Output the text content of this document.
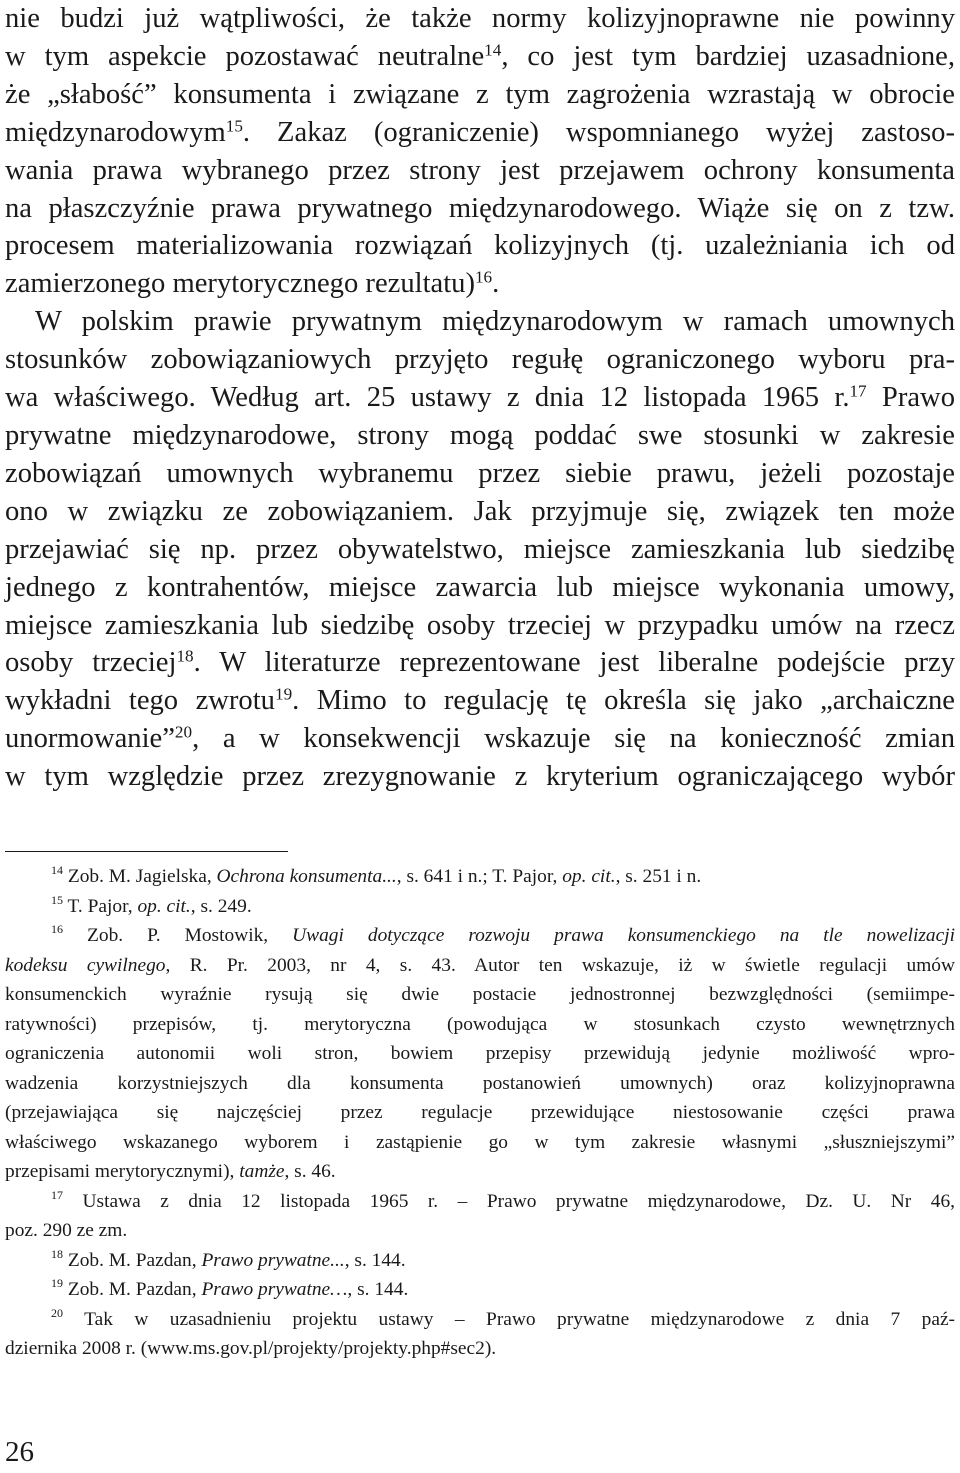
nie budzi już wątpliwości, że także normy kolizyjnoprawne nie powinny
w tym aspekcie pozostawać neutralne$^{14}$, co jest tym bardziej uzasadnione,
że „słabość” konsumenta i związane z tym zagrożenia wzrastają w obrocie
międzynarodowym$^{15}$. Zakaz (ograniczenie) wspomnianego wyżej zastoso-
wania prawa wybranego przez strony jest przejawem ochrony konsumenta
na płaszczyźnie prawa prywatnego międzynarodowego. Wiąże się on z tzw.
procesem materializowania rozwiązań kolizyjnych (tj. uzależniania ich od
zamierzonego merytorycznego rezultatu)$^{16}$.
W polskim prawie prywatnym międzynarodowym w ramach umownych
stosunków zobowiązaniowych przyjęto regułę ograniczonego wyboru pra-
wa właściwego. Według art. 25 ustawy z dnia 12 listopada 1965 r.$^{17}$ Prawo
prywatne międzynarodowe, strony mogą poddać swe stosunki w zakresie
zobowiązań umownych wybranemu przez siebie prawu, jeżeli pozostaje
ono w związku ze zobowiązaniem. Jak przyjmuje się, związek ten może
przejawiać się np. przez obywatelstwo, miejsce zamieszkania lub siedzibę
jednego z kontrahentów, miejsce zawarcia lub miejsce wykonania umowy,
miejsce zamieszkania lub siedzibę osoby trzeciej w przypadku umów na rzecz
osoby trzeciej$^{18}$. W literaturze reprezentowane jest liberalne podejście przy
wykładni tego zwrotu$^{19}$. Mimo to regulację tę określa się jako „archaiczne
unormowanie”$^{20}$, a w konsekwencji wskazuje się na konieczność zmian
w tym względzie przez zrezygnowanie z kryterium ograniczającego wybór
$^{14}$ Zob. M. Jagielska, Ochrona konsumenta..., s. 641 i n.; T. Pajor, op. cit., s. 251 i n.
$^{15}$ T. Pajor, op. cit., s. 249.
$^{16}$ Zob. P. Mostowik, Uwagi dotyczące rozwoju prawa konsumenckiego na tle nowelizacji
kodeksu cywilnego, R. Pr. 2003, nr 4, s. 43. Autor ten wskazuje, iż w świetle regulacji umów
konsumenckich wyraźnie rysują się dwie postacie jednostronnej bezwzględności (semiimpe-
ratywności) przepisów, tj. merytoryczna (powodująca w stosunkach czysto wewnętrznych
ograniczenia autonomii woli stron, bowiem przepisy przewidują jedynie możliwość wpro-
wadzenia korzystniejszych dla konsumenta postanowień umownych) oraz kolizyjnoprawna
(przejawiająca się najczęściej przez regulacje przewidujące niestosowanie części prawa
właściwego wskazanego wyborem i zastąpienie go w tym zakresie własnymi „słuszniejszymi”
przepisami merytorycznymi), tamże, s. 46.
$^{17}$ Ustawa z dnia 12 listopada 1965 r. – Prawo prywatne międzynarodowe, Dz. U. Nr 46,
poz. 290 ze zm.
$^{18}$ Zob. M. Pazdan, Prawo prywatne..., s. 144.
$^{19}$ Zob. M. Pazdan, Prawo prywatne…, s. 144.
$^{20}$ Tak w uzasadnieniu projektu ustawy – Prawo prywatne międzynarodowe z dnia 7 paź-
dziernika 2008 r. (www.ms.gov.pl/projekty/projekty.php#sec2).
26
